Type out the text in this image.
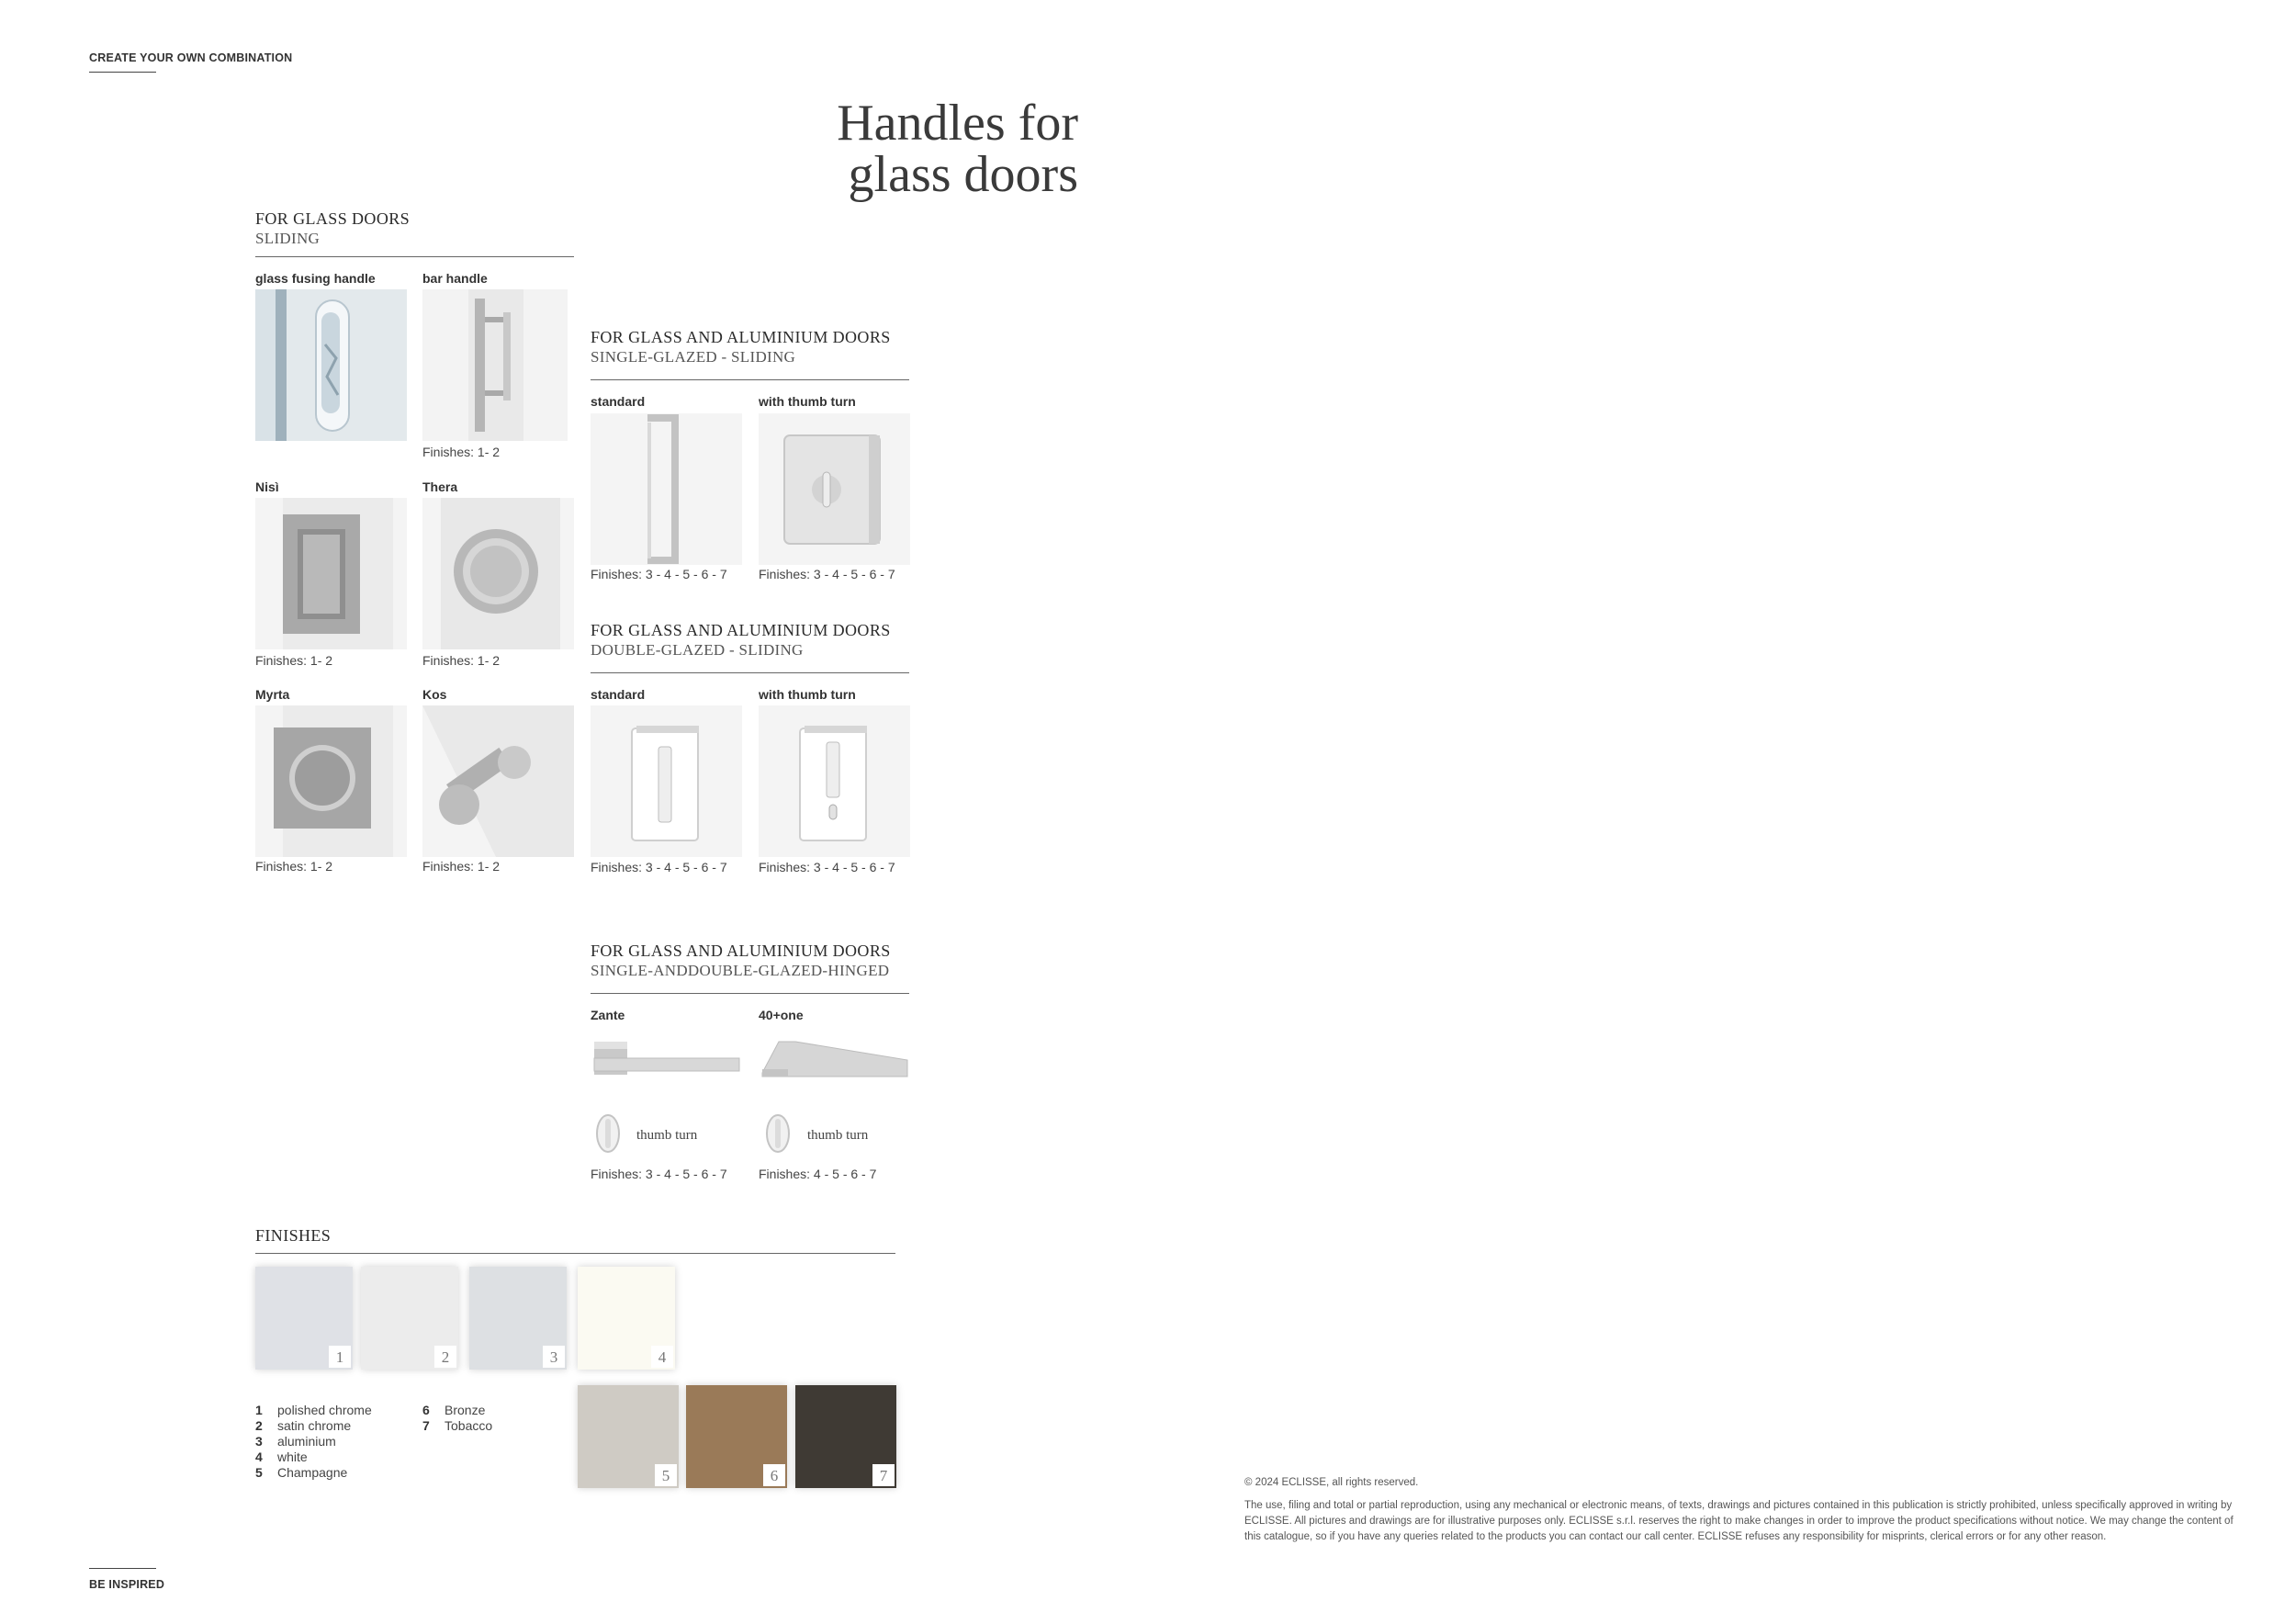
CREATE YOUR OWN COMBINATION
Handles for
glass doors
FOR GLASS DOORS
SLIDING
glass fusing handle	bar handle
Finishes: 1- 2
Nisì
Finishes: 1- 2
Thera
Finishes: 1- 2
Myrta
Finishes: 1- 2
Kos
Finishes: 1- 2
FOR GLASS AND ALUMINIUM DOORS
SINGLE-GLAZED - SLIDING
standard
Finishes: 3 - 4 - 5 - 6 - 7
with thumb turn
Finishes: 3 - 4 - 5 - 6 - 7
FOR GLASS AND ALUMINIUM DOORS
DOUBLE-GLAZED - SLIDING
standard
Finishes: 3 - 4 - 5 - 6 - 7
with thumb turn
Finishes: 3 - 4 - 5 - 6 - 7
FOR GLASS AND ALUMINIUM DOORS
SINGLE-ANDDOUBLE-GLAZED-HINGED
Zante
thumb turn
Finishes: 3 - 4 - 5 - 6 - 7
40+one
thumb turn
Finishes: 4 - 5 - 6 - 7
FINISHES
1	2	3	4
5	6	7
1	polished chrome
2	satin chrome
3	aluminium
4	white
5	Champagne
6	Bronze
7	Tobacco
© 2024 ECLISSE, all rights reserved.
The use, filing and total or partial reproduction, using any mechanical or electronic means, of texts, drawings and pictures contained in this publication is strictly prohibited, unless specifically approved in writing by ECLISSE. All pictures and drawings are for illustrative purposes only. ECLISSE s.r.l. reserves the right to make changes in order to improve the product specifications without notice. We may change the content of this catalogue, so if you have any queries related to the products you can contact our call center. ECLISSE refuses any responsibility for misprints, clerical errors or for any other reason.
BE INSPIRED
